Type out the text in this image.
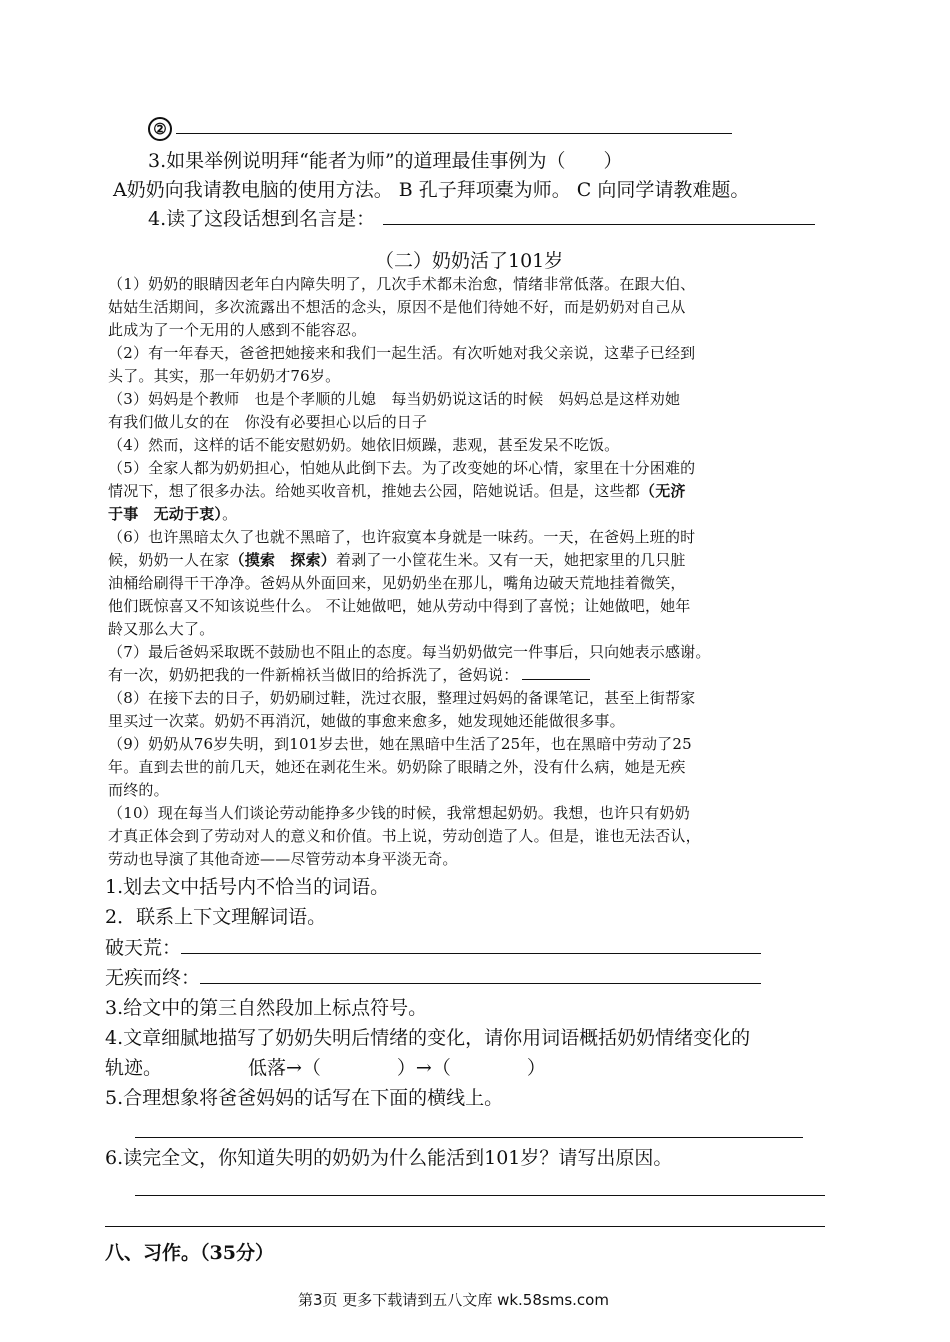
②
3.如果举例说明拜“能者为师”的道理最佳事例为（　　）
A奶奶向我请教电脑的使用方法。 B 孔子拜项橐为师。 C 向同学请教难题。
4.读了这段话想到名言是：
（二）奶奶活了101岁
（1）奶奶的眼睛因老年白内障失明了，几次手术都未治愈，情绪非常低落。在跟大伯、
姑姑生活期间，多次流露出不想活的念头，原因不是他们待她不好，而是奶奶对自己从
此成为了一个无用的人感到不能容忍。
（2）有一年春天，爸爸把她接来和我们一起生活。有次听她对我父亲说，这辈子已经到
头了。其实，那一年奶奶才76岁。
（3）妈妈是个教师　也是个孝顺的儿媳　每当奶奶说这话的时候　妈妈总是这样劝她
有我们做儿女的在　你没有必要担心以后的日子
（4）然而，这样的话不能安慰奶奶。她依旧烦躁，悲观，甚至发呆不吃饭。
（5）全家人都为奶奶担心，怕她从此倒下去。为了改变她的坏心情，家里在十分困难的
情况下，想了很多办法。给她买收音机，推她去公园，陪她说话。但是，这些都（无济
于事　无动于衷）。
（6）也许黑暗太久了也就不黑暗了，也许寂寞本身就是一味药。一天，在爸妈上班的时
候，奶奶一人在家（摸索　探索）着剥了一小筐花生米。又有一天，她把家里的几只脏
油桶给刷得干干净净。爸妈从外面回来，见奶奶坐在那儿，嘴角边破天荒地挂着微笑，
他们既惊喜又不知该说些什么。 不让她做吧，她从劳动中得到了喜悦；让她做吧，她年
龄又那么大了。
（7）最后爸妈采取既不鼓励也不阻止的态度。每当奶奶做完一件事后，只向她表示感谢。
有一次，奶奶把我的一件新棉袄当做旧的给拆洗了，爸妈说：
（8）在接下去的日子，奶奶刷过鞋，洗过衣服，整理过妈妈的备课笔记，甚至上街帮家
里买过一次菜。奶奶不再消沉，她做的事愈来愈多，她发现她还能做很多事。
（9）奶奶从76岁失明，到101岁去世，她在黑暗中生活了25年，也在黑暗中劳动了25
年。直到去世的前几天，她还在剥花生米。奶奶除了眼睛之外，没有什么病，她是无疾
而终的。
（10）现在每当人们谈论劳动能挣多少钱的时候，我常想起奶奶。我想，也许只有奶奶
才真正体会到了劳动对人的意义和价值。书上说，劳动创造了人。但是，谁也无法否认，
劳动也导演了其他奇迹——尽管劳动本身平淡无奇。
1.划去文中括号内不恰当的词语。
2．联系上下文理解词语。
破天荒：
无疾而终：
3.给文中的第三自然段加上标点符号。
4.文章细腻地描写了奶奶失明后情绪的变化，请你用词语概括奶奶情绪变化的
轨迹。	低落→（　　　　）→（　　　　）
5.合理想象将爸爸妈妈的话写在下面的横线上。
6.读完全文，你知道失明的奶奶为什么能活到101岁？请写出原因。
八、习作。（35分）
第3页 更多下载请到五八文库 wk.58sms.com
